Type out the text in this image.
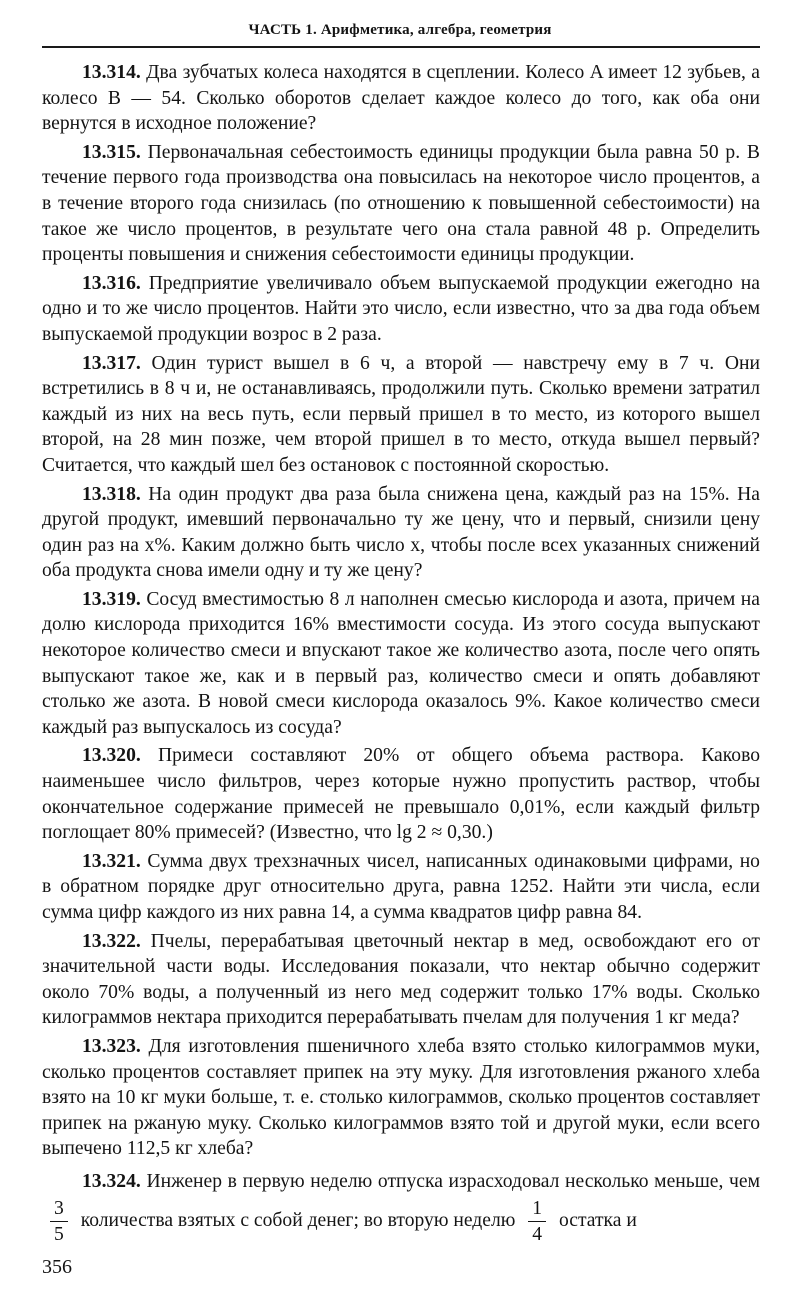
ЧАСТЬ 1. Арифметика, алгебра, геометрия

13.314. Два зубчатых колеса находятся в сцеплении. Колесо A имеет 12 зубьев, а колесо B — 54. Сколько оборотов сделает каждое колесо до того, как оба они вернутся в исходное положение?

13.315. Первоначальная себестоимость единицы продукции была равна 50 р. В течение первого года производства она повысилась на некоторое число процентов, а в течение второго года снизилась (по отношению к повышенной себестоимости) на такое же число процентов, в результате чего она стала равной 48 р. Определить проценты повышения и снижения себестоимости единицы продукции.

13.316. Предприятие увеличивало объем выпускаемой продукции ежегодно на одно и то же число процентов. Найти это число, если известно, что за два года объем выпускаемой продукции возрос в 2 раза.

13.317. Один турист вышел в 6 ч, а второй — навстречу ему в 7 ч. Они встретились в 8 ч и, не останавливаясь, продолжили путь. Сколько времени затратил каждый из них на весь путь, если первый пришел в то место, из которого вышел второй, на 28 мин позже, чем второй пришел в то место, откуда вышел первый? Считается, что каждый шел без остановок с постоянной скоростью.

13.318. На один продукт два раза была снижена цена, каждый раз на 15%. На другой продукт, имевший первоначально ту же цену, что и первый, снизили цену один раз на x%. Каким должно быть число x, чтобы после всех указанных снижений оба продукта снова имели одну и ту же цену?

13.319. Сосуд вместимостью 8 л наполнен смесью кислорода и азота, причем на долю кислорода приходится 16% вместимости сосуда. Из этого сосуда выпускают некоторое количество смеси и впускают такое же количество азота, после чего опять выпускают такое же, как и в первый раз, количество смеси и опять добавляют столько же азота. В новой смеси кислорода оказалось 9%. Какое количество смеси каждый раз выпускалось из сосуда?

13.320. Примеси составляют 20% от общего объема раствора. Каково наименьшее число фильтров, через которые нужно пропустить раствор, чтобы окончательное содержание примесей не превышало 0,01%, если каждый фильтр поглощает 80% примесей? (Известно, что lg 2 ≈ 0,30.)

13.321. Сумма двух трехзначных чисел, написанных одинаковыми цифрами, но в обратном порядке друг относительно друга, равна 1252. Найти эти числа, если сумма цифр каждого из них равна 14, а сумма квадратов цифр равна 84.

13.322. Пчелы, перерабатывая цветочный нектар в мед, освобождают его от значительной части воды. Исследования показали, что нектар обычно содержит около 70% воды, а полученный из него мед содержит только 17% воды. Сколько килограммов нектара приходится перерабатывать пчелам для получения 1 кг меда?

13.323. Для изготовления пшеничного хлеба взято столько килограммов муки, сколько процентов составляет припек на эту муку. Для изготовления ржаного хлеба взято на 10 кг муки больше, т. е. столько килограммов, сколько процентов составляет припек на ржаную муку. Сколько килограммов взято той и другой муки, если всего выпечено 112,5 кг хлеба?

13.324. Инженер в первую неделю отпуска израсходовал несколько меньше, чем
$\frac{3}{5}$ количества взятых с собой денег; во вторую неделю $\frac{1}{4}$ остатка и

356
